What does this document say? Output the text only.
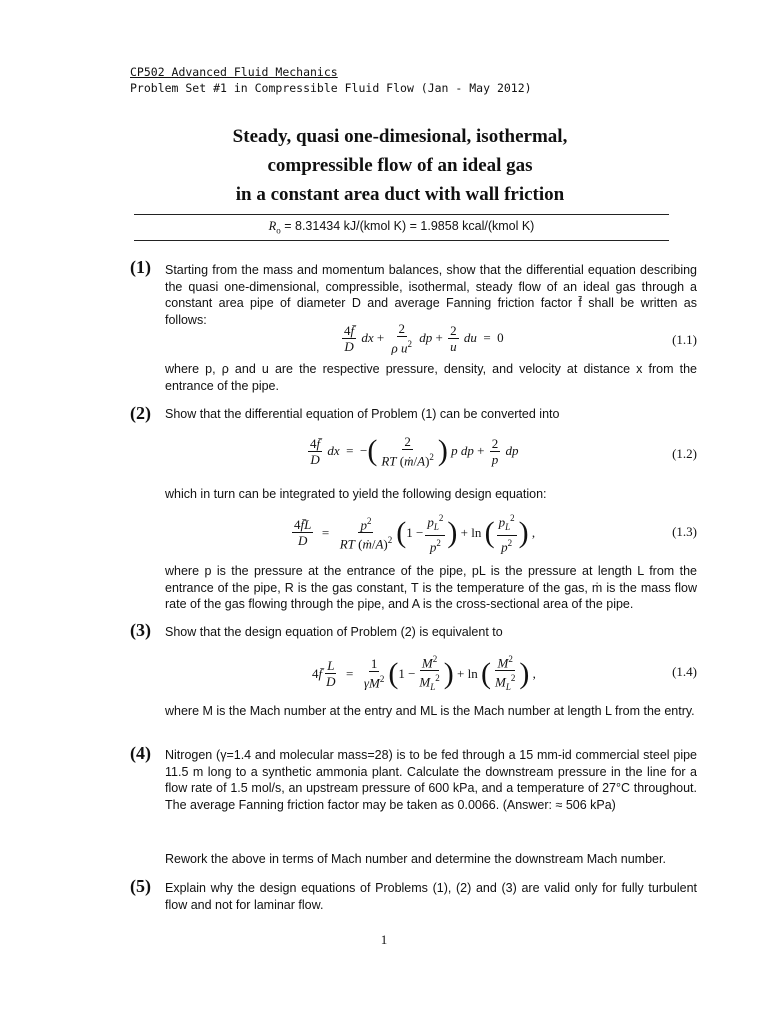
CP502 Advanced Fluid Mechanics
Problem Set #1 in Compressible Fluid Flow (Jan - May 2012)
Steady, quasi one-dimesional, isothermal,
compressible flow of an ideal gas
in a constant area duct with wall friction
$R_o = 8.31434$ kJ/(kmol K) = 1.9858 kcal/(kmol K)
(1) Starting from the mass and momentum balances, show that the differential equation describing the quasi one-dimensional, compressible, isothermal, steady flow of an ideal gas through a constant area pipe of diameter D and average Fanning friction factor f̄ shall be written as follows:
$\frac{4f̄}{D}$ dx + $\frac{2}{\rho u^2}$ dp + $\frac{2}{u}$ du  =  0	(1.1)
where p, ρ and u are the respective pressure, density, and velocity at distance x from the entrance of the pipe.
(2) Show that the differential equation of Problem (1) can be converted into
$\frac{4f̄}{D}$ dx  =  − ( $\frac{2}{RT (ṁ/A)^2}$ ) p dp + $\frac{2}{p}$ dp	(1.2)
which in turn can be integrated to yield the following design equation:
$\frac{4f̄L}{D} = \frac{p^2}{RT (ṁ/A)^2}$ ( $1 - \frac{p_L^2}{p^2}$ ) + ln ( $\frac{p_L^2}{p^2}$ ) ,	(1.3)
where p is the pressure at the entrance of the pipe, pL is the pressure at length L from the entrance of the pipe, R is the gas constant, T is the temperature of the gas, ṁ is the mass flow rate of the gas flowing through the pipe, and A is the cross-sectional area of the pipe.
(3) Show that the design equation of Problem (2) is equivalent to
4f̄ $\frac{L}{D} = \frac{1}{\gamma M^2}$ ( $1 - \frac{M^2}{M_L^2}$ ) + ln ( $\frac{M^2}{M_L^2}$ ) ,	(1.4)
where M is the Mach number at the entry and ML is the Mach number at length L from the entry.
(4) Nitrogen (γ=1.4 and molecular mass=28) is to be fed through a 15 mm-id commercial steel pipe 11.5 m long to a synthetic ammonia plant. Calculate the downstream pressure in the line for a flow rate of 1.5 mol/s, an upstream pressure of 600 kPa, and a temperature of 27°C throughout. The average Fanning friction factor may be taken as 0.0066. (Answer: ≈ 506 kPa)
Rework the above in terms of Mach number and determine the downstream Mach number.
(5) Explain why the design equations of Problems (1), (2) and (3) are valid only for fully turbulent flow and not for laminar flow.
1
